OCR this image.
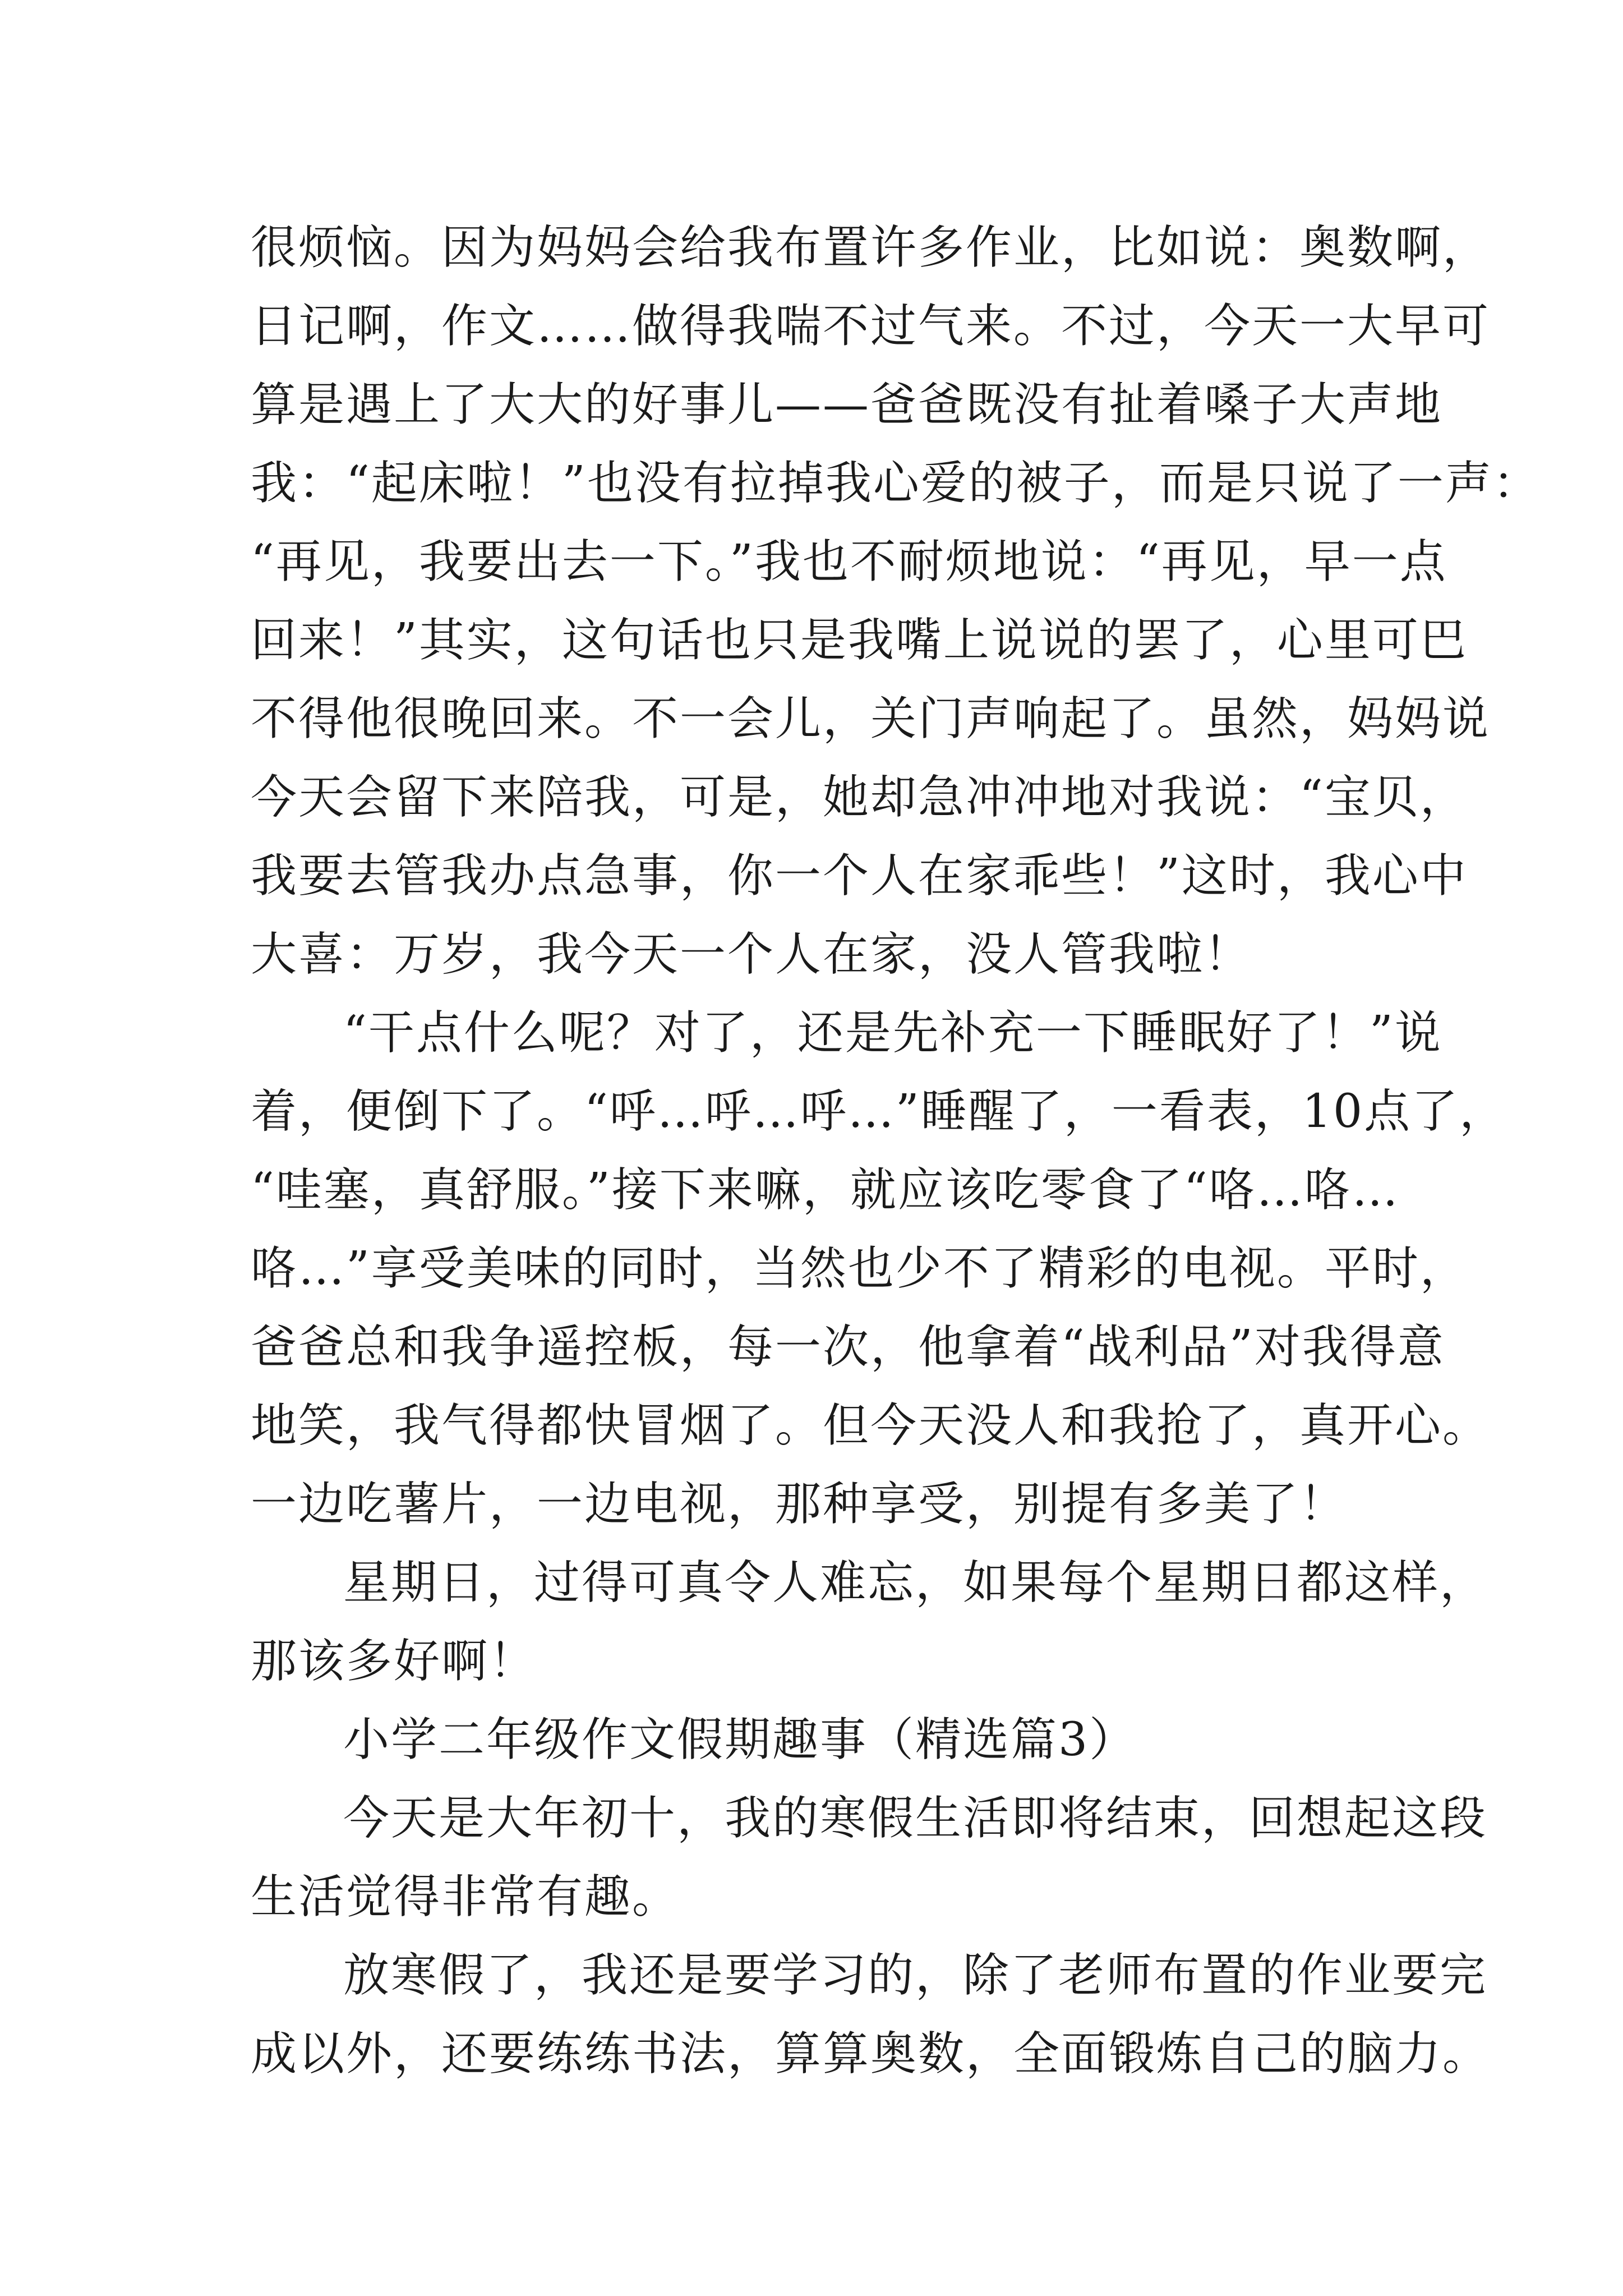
很烦恼。因为妈妈会给我布置许多作业，比如说：奥数啊，
日记啊，作文……做得我喘不过气来。不过，今天一大早可
算是遇上了大大的好事儿——爸爸既没有扯着嗓子大声地
我：“起床啦！”也没有拉掉我心爱的被子，而是只说了一声：
“再见，我要出去一下。”我也不耐烦地说：“再见，早一点
回来！”其实，这句话也只是我嘴上说说的罢了，心里可巴
不得他很晚回来。不一会儿，关门声响起了。虽然，妈妈说
今天会留下来陪我，可是，她却急冲冲地对我说：“宝贝，
我要去管我办点急事，你一个人在家乖些！”这时，我心中
大喜：万岁，我今天一个人在家，没人管我啦！
“干点什么呢？对了，还是先补充一下睡眠好了！”说
着，便倒下了。“呼…呼…呼…”睡醒了，一看表，10点了，
“哇塞，真舒服。”接下来嘛，就应该吃零食了“咯…咯…
咯…”享受美味的同时，当然也少不了精彩的电视。平时，
爸爸总和我争遥控板，每一次，他拿着“战利品”对我得意
地笑，我气得都快冒烟了。但今天没人和我抢了，真开心。
一边吃薯片，一边电视，那种享受，别提有多美了！
星期日，过得可真令人难忘，如果每个星期日都这样，
那该多好啊！
小学二年级作文假期趣事（精选篇3）
今天是大年初十，我的寒假生活即将结束，回想起这段
生活觉得非常有趣。
放寒假了，我还是要学习的，除了老师布置的作业要完
成以外，还要练练书法，算算奥数，全面锻炼自己的脑力。
